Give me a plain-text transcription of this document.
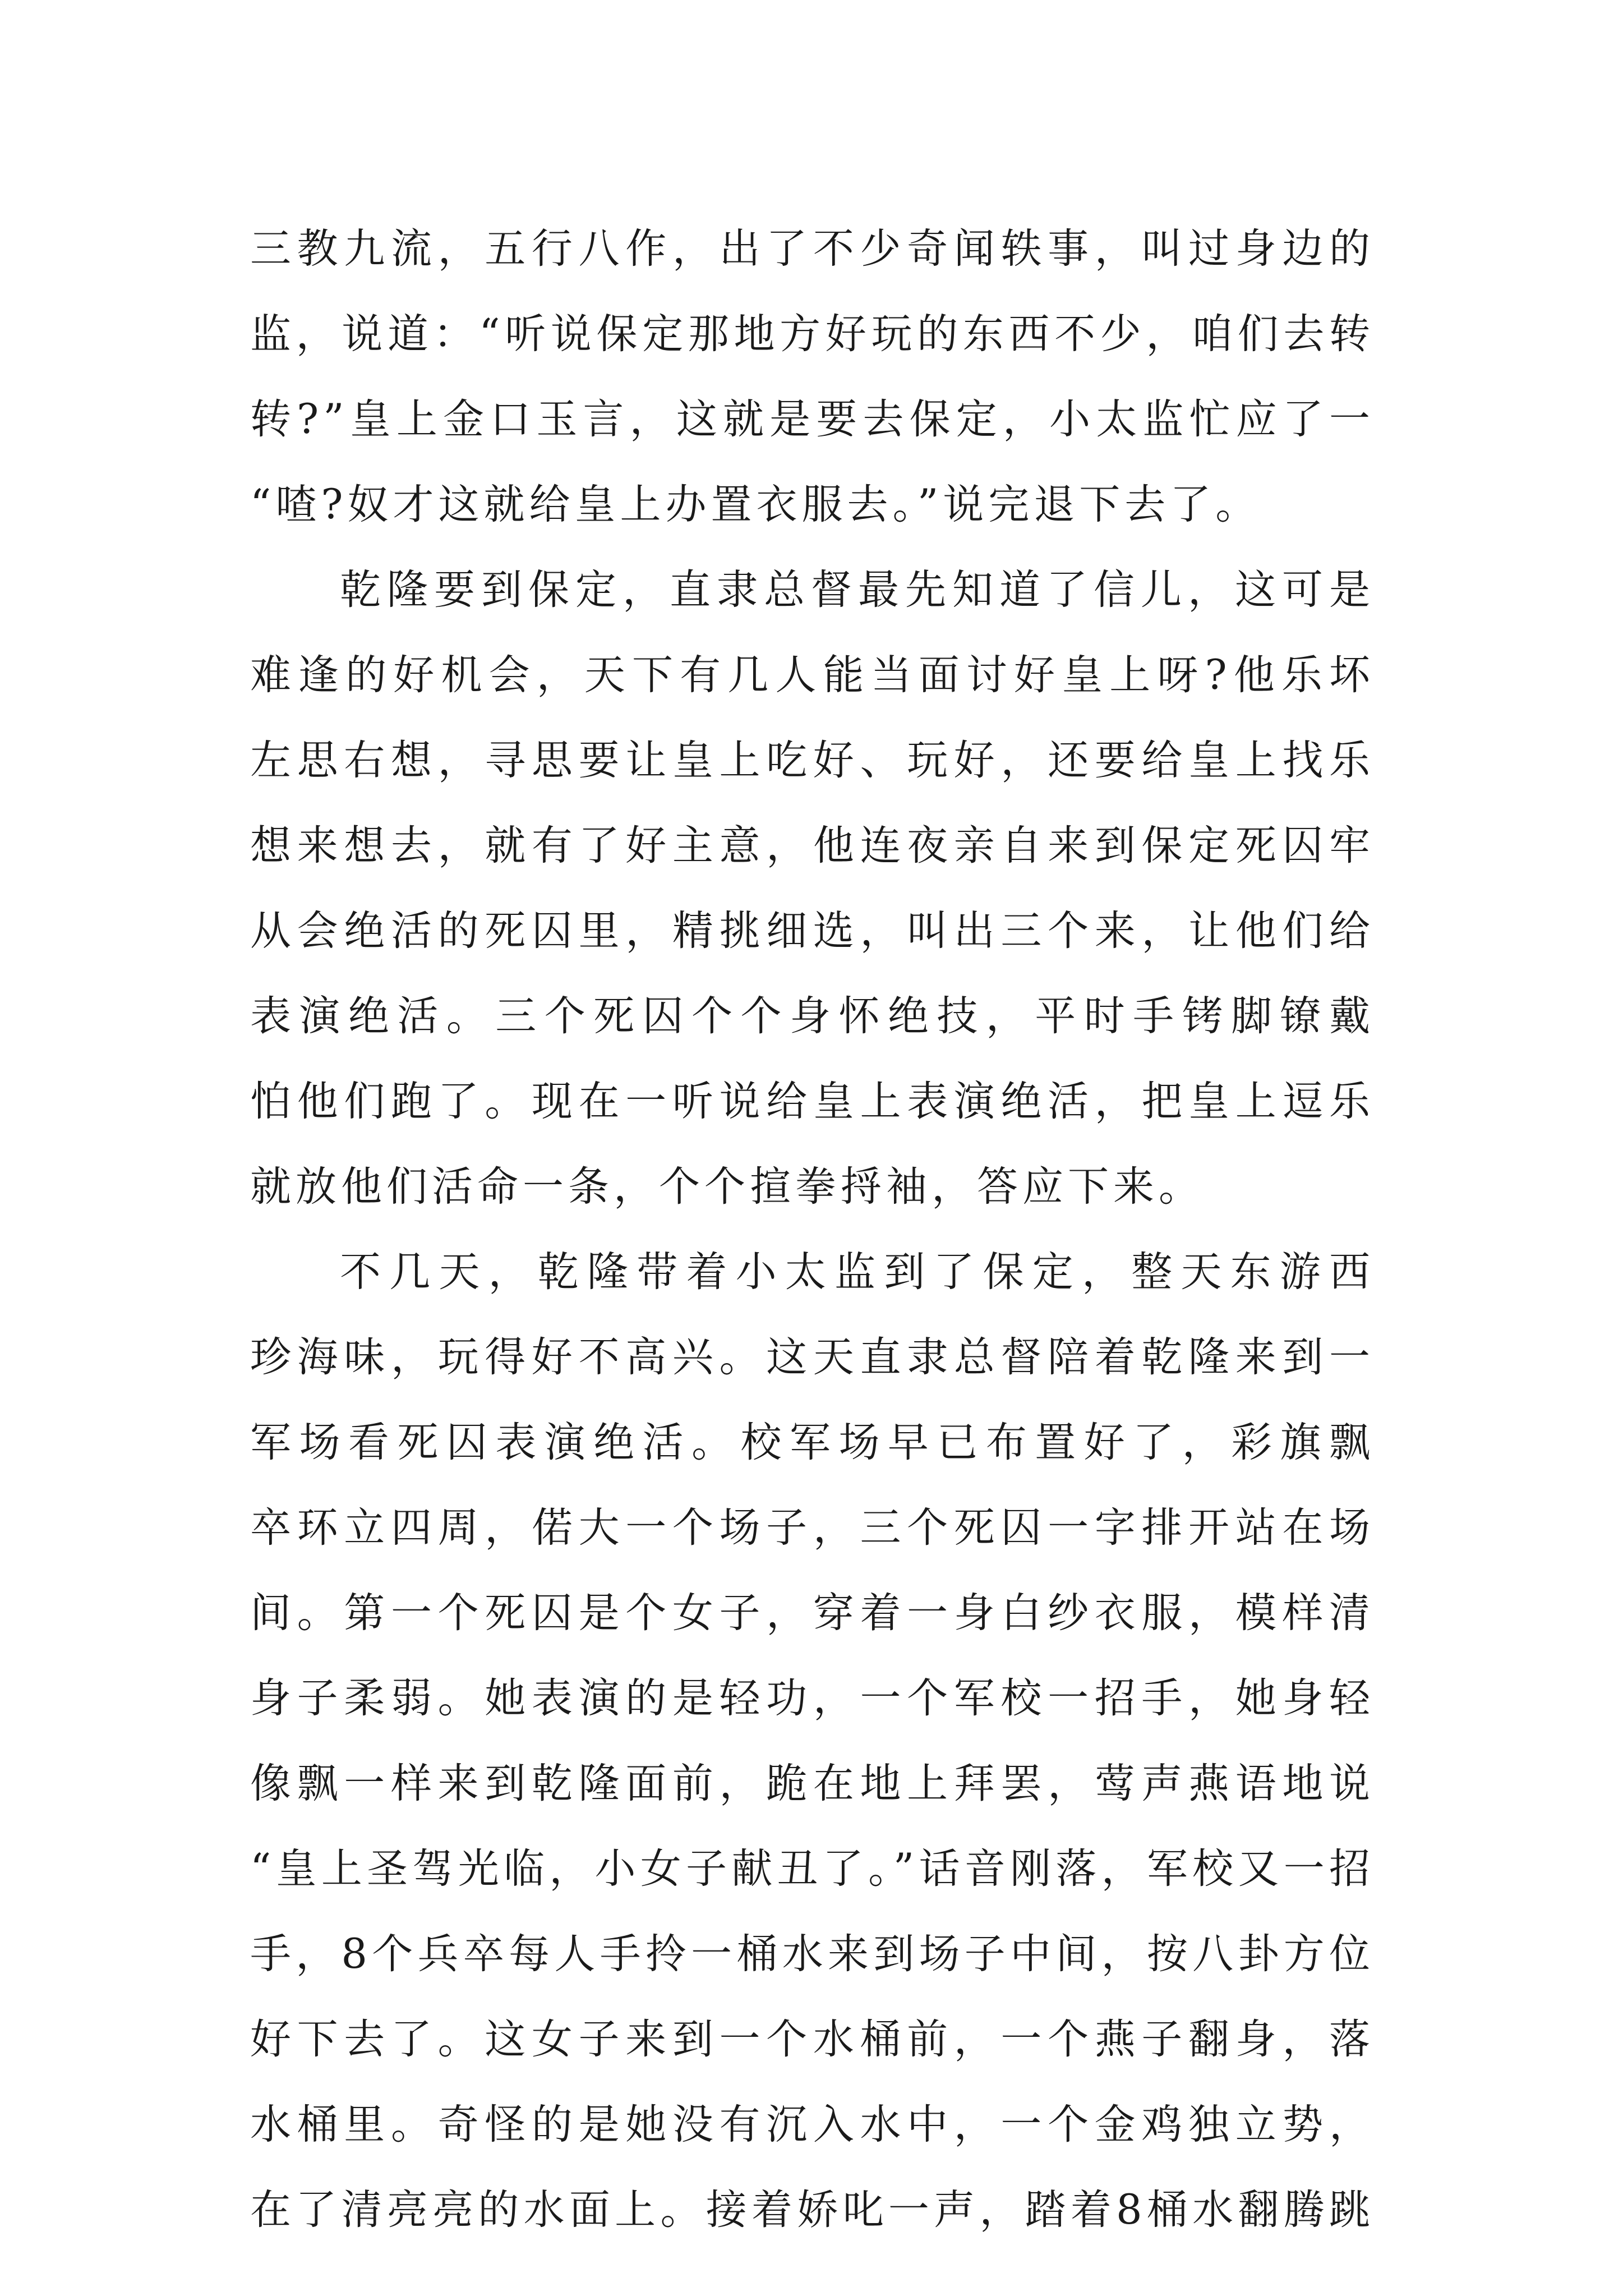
三教九流，五行八作，出了不少奇闻轶事，叫过身边的
监，说道：“听说保定那地方好玩的东西不少，咱们去转
转?”皇上金口玉言，这就是要去保定，小太监忙应了一
“喳?奴才这就给皇上办置衣服去。”说完退下去了。
乾隆要到保定，直隶总督最先知道了信儿，这可是
难逢的好机会，天下有几人能当面讨好皇上呀?他乐坏
左思右想，寻思要让皇上吃好、玩好，还要给皇上找乐
想来想去，就有了好主意，他连夜亲自来到保定死囚牢
从会绝活的死囚里，精挑细选，叫出三个来，让他们给
表演绝活。三个死囚个个身怀绝技，平时手铐脚镣戴
怕他们跑了。现在一听说给皇上表演绝活，把皇上逗乐
就放他们活命一条，个个揎拳捋袖，答应下来。
不几天，乾隆带着小太监到了保定，整天东游西
珍海味，玩得好不高兴。这天直隶总督陪着乾隆来到一
军场看死囚表演绝活。校军场早已布置好了，彩旗飘
卒环立四周，偌大一个场子，三个死囚一字排开站在场
间。第一个死囚是个女子，穿着一身白纱衣服，模样清
身子柔弱。她表演的是轻功，一个军校一招手，她身轻
像飘一样来到乾隆面前，跪在地上拜罢，莺声燕语地说
“皇上圣驾光临，小女子献丑了。”话音刚落，军校又一招
手，8个兵卒每人手拎一桶水来到场子中间，按八卦方位
好下去了。这女子来到一个水桶前，一个燕子翻身，落
水桶里。奇怪的是她没有沉入水中，一个金鸡独立势，
在了清亮亮的水面上。接着娇叱一声，踏着8桶水翻腾跳
